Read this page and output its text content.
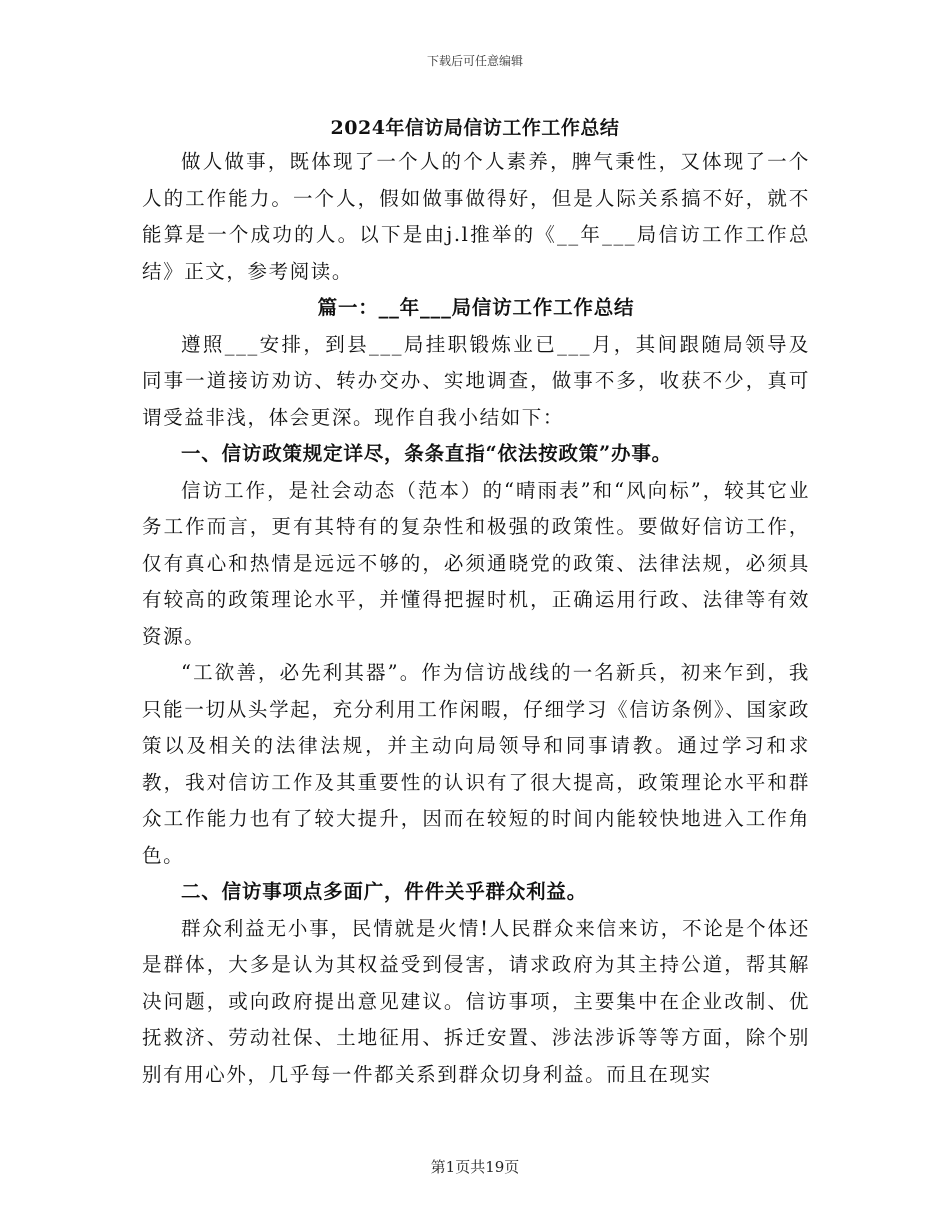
下载后可任意编辑
2024年信访局信访工作工作总结

做人做事，既体现了一个人的个人素养，脾气秉性，又体现了一个人的工作能力。一个人，假如做事做得好，但是人际关系搞不好，就不能算是一个成功的人。以下是由j.l推举的《__年___局信访工作工作总结》正文，参考阅读。

篇一：__年___局信访工作工作总结

遵照___安排，到县___局挂职锻炼业已___月，其间跟随局领导及同事一道接访劝访、转办交办、实地调查，做事不多，收获不少，真可谓受益非浅，体会更深。现作自我小结如下：

一、信访政策规定详尽，条条直指“依法按政策”办事。

信访工作，是社会动态（范本）的“晴雨表”和“风向标”，较其它业务工作而言，更有其特有的复杂性和极强的政策性。要做好信访工作，仅有真心和热情是远远不够的，必须通晓党的政策、法律法规，必须具有较高的政策理论水平，并懂得把握时机，正确运用行政、法律等有效资源。

“工欲善，必先利其器”。作为信访战线的一名新兵，初来乍到，我只能一切从头学起，充分利用工作闲暇，仔细学习《信访条例》、国家政策以及相关的法律法规，并主动向局领导和同事请教。通过学习和求教，我对信访工作及其重要性的认识有了很大提高，政策理论水平和群众工作能力也有了较大提升，因而在较短的时间内能较快地进入工作角色。

二、信访事项点多面广，件件关乎群众利益。

群众利益无小事，民情就是火情!人民群众来信来访，不论是个体还是群体，大多是认为其权益受到侵害，请求政府为其主持公道，帮其解决问题，或向政府提出意见建议。信访事项，主要集中在企业改制、优抚救济、劳动社保、土地征用、拆迁安置、涉法涉诉等等方面，除个别别有用心外，几乎每一件都关系到群众切身利益。而且在现实

第1页共19页
